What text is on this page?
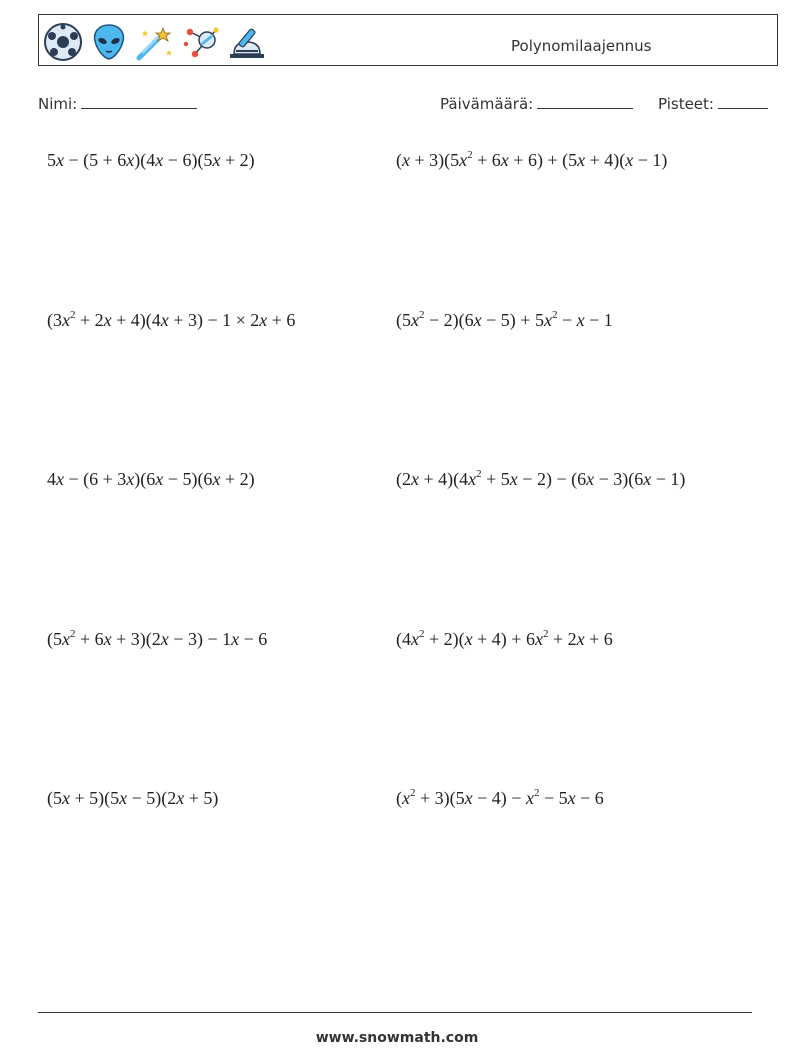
Polynomilaajennus
Nimi:	Päivämäärä:	Pisteet:
5x − (5 + 6x)(4x − 6)(5x + 2)	$(x + 3)(5x^2 + 6x + 6) + (5x + 4)(x - 1)$
$(3x^2 + 2x + 4)(4x + 3) - 1 \times 2x + 6$	$(5x^2 - 2)(6x - 5) + 5x^2 - x - 1$
4x − (6 + 3x)(6x − 5)(6x + 2)	$(2x + 4)(4x^2 + 5x - 2) - (6x - 3)(6x - 1)$
$(5x^2 + 6x + 3)(2x - 3) - 1x - 6$	$(4x^2 + 2)(x + 4) + 6x^2 + 2x + 6$
(5x + 5)(5x − 5)(2x + 5)	$(x^2 + 3)(5x - 4) - x^2 - 5x - 6$
www.snowmath.com
